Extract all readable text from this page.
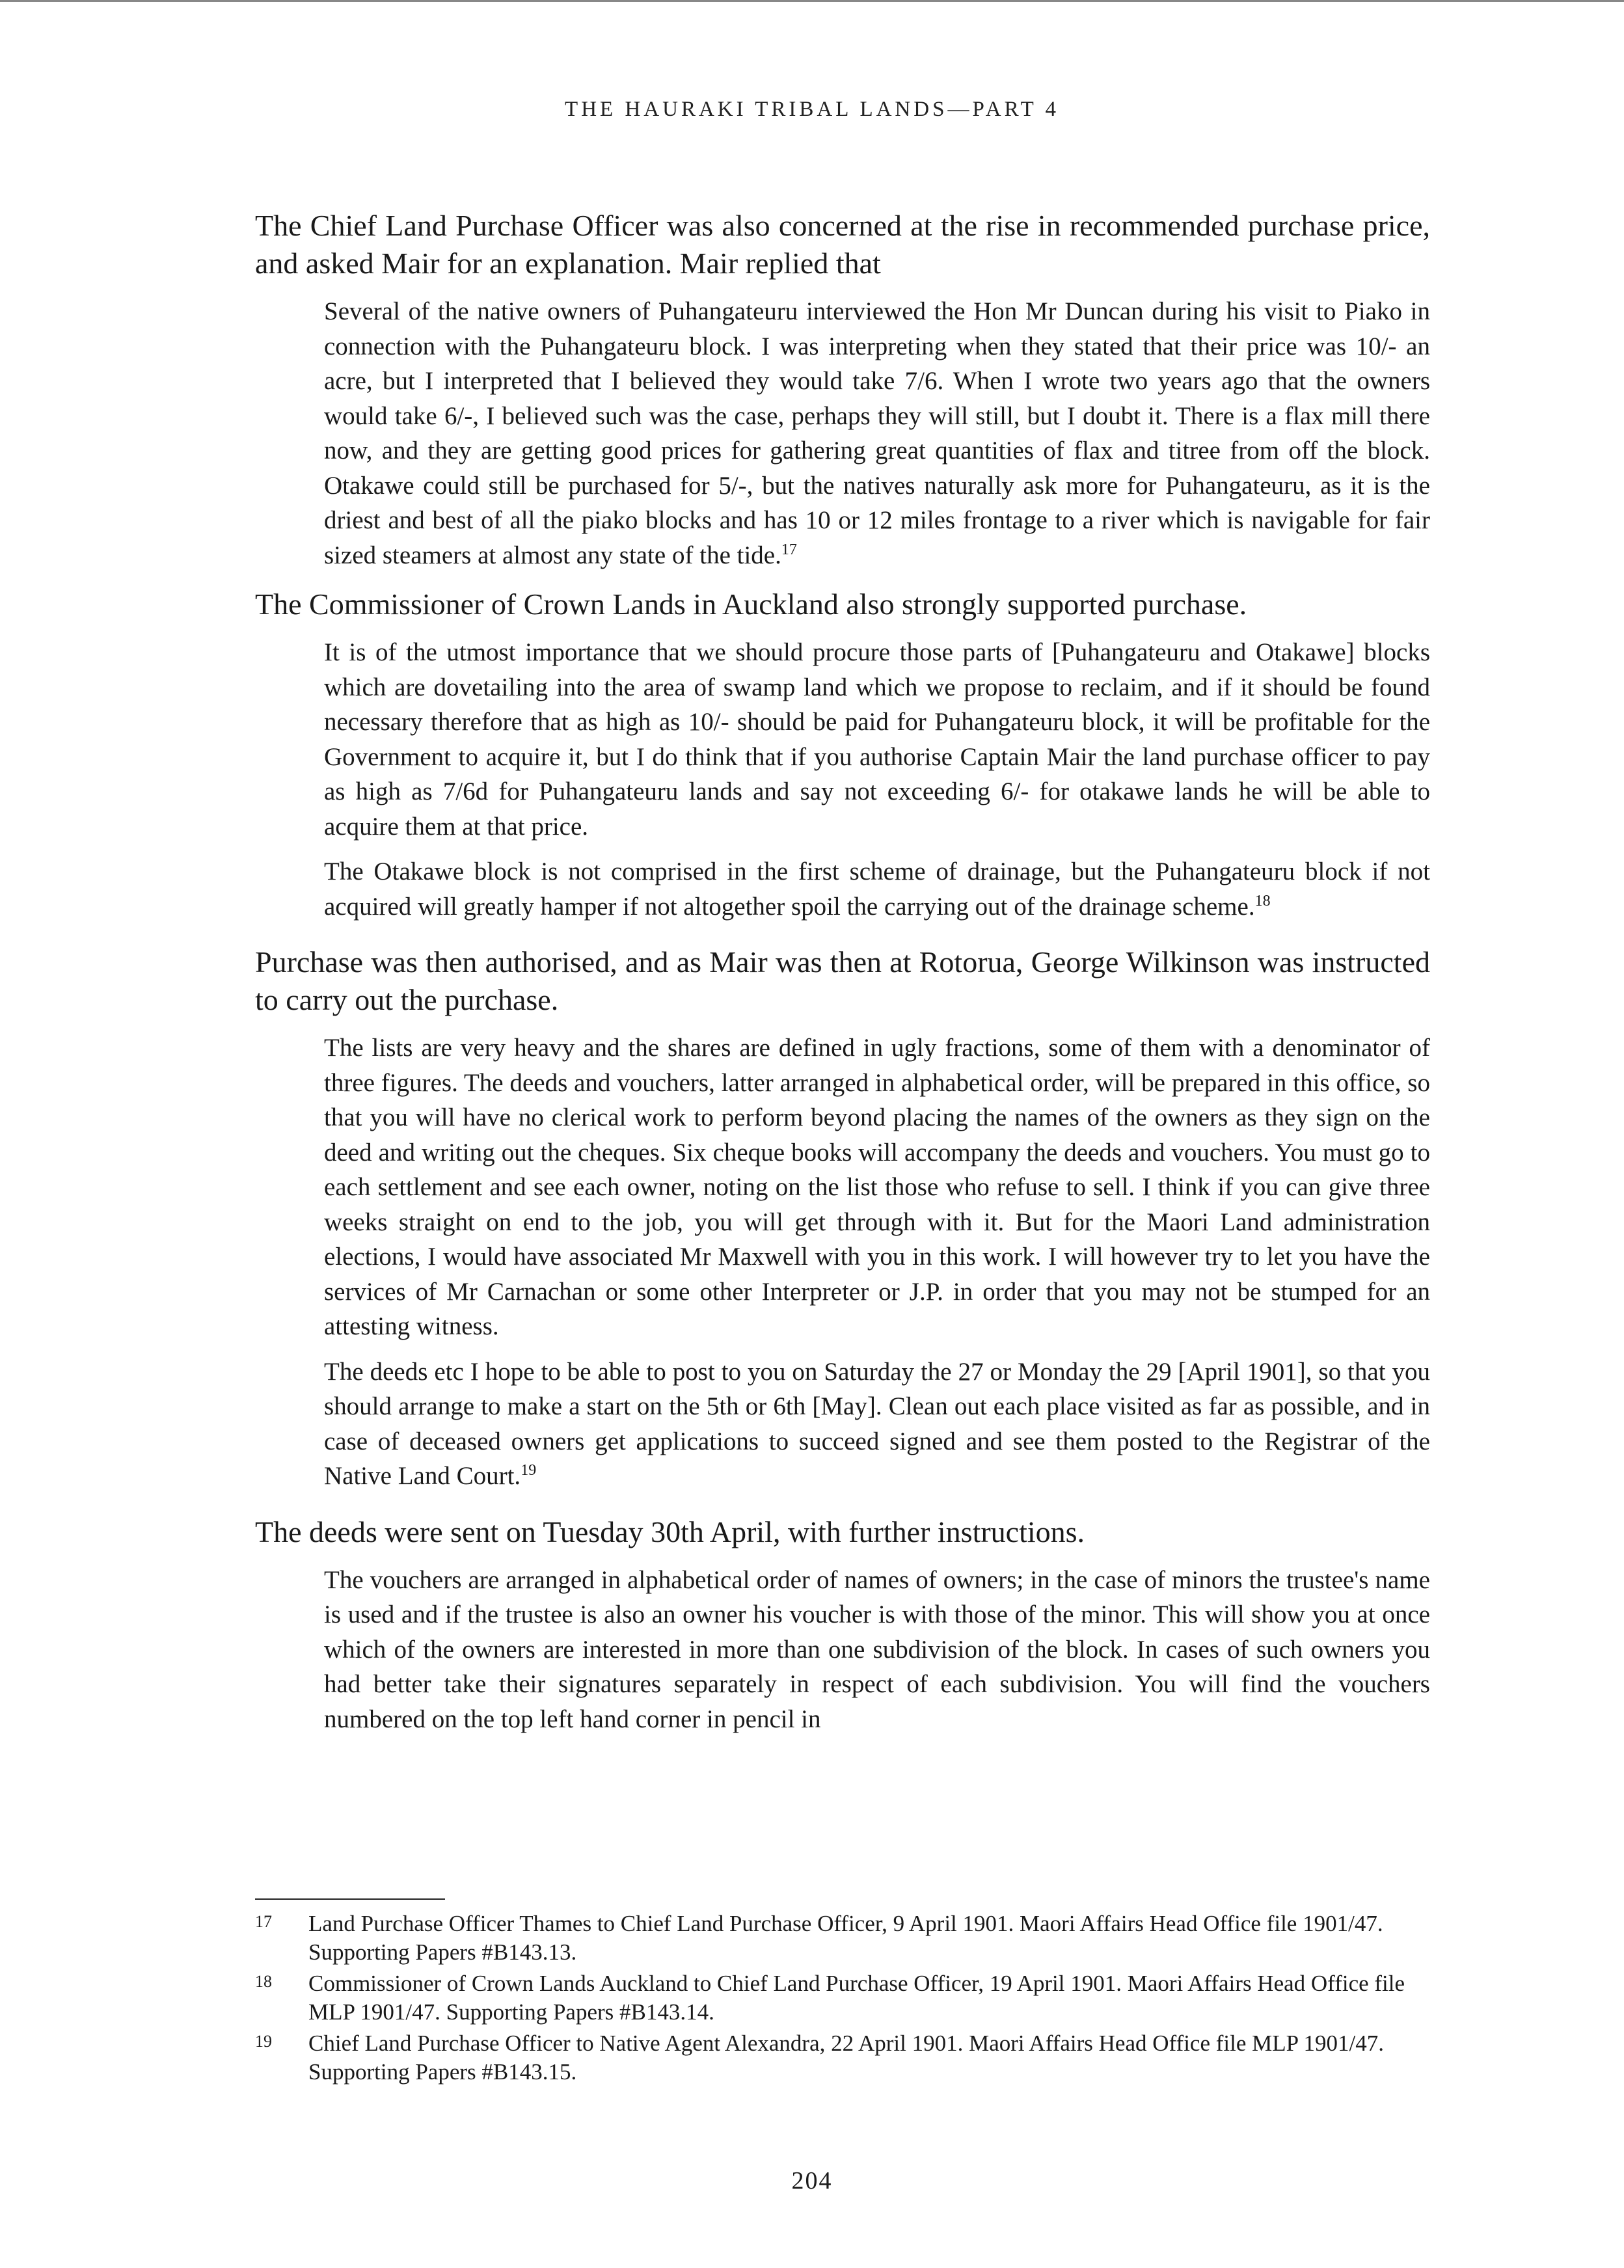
THE HAURAKI TRIBAL LANDS—PART 4

The Chief Land Purchase Officer was also concerned at the rise in recommended purchase price, and asked Mair for an explanation. Mair replied that

Several of the native owners of Puhangateuru interviewed the Hon Mr Duncan during his visit to Piako in connection with the Puhangateuru block. I was interpreting when they stated that their price was 10/- an acre, but I interpreted that I believed they would take 7/6. When I wrote two years ago that the owners would take 6/-, I believed such was the case, perhaps they will still, but I doubt it. There is a flax mill there now, and they are getting good prices for gathering great quantities of flax and titree from off the block. Otakawe could still be purchased for 5/-, but the natives naturally ask more for Puhangateuru, as it is the driest and best of all the piako blocks and has 10 or 12 miles frontage to a river which is navigable for fair sized steamers at almost any state of the tide.$^{17}$

The Commissioner of Crown Lands in Auckland also strongly supported purchase.

It is of the utmost importance that we should procure those parts of [Puhangateuru and Otakawe] blocks which are dovetailing into the area of swamp land which we propose to reclaim, and if it should be found necessary therefore that as high as 10/- should be paid for Puhangateuru block, it will be profitable for the Government to acquire it, but I do think that if you authorise Captain Mair the land purchase officer to pay as high as 7/6d for Puhangateuru lands and say not exceeding 6/- for otakawe lands he will be able to acquire them at that price.

The Otakawe block is not comprised in the first scheme of drainage, but the Puhangateuru block if not acquired will greatly hamper if not altogether spoil the carrying out of the drainage scheme.$^{18}$

Purchase was then authorised, and as Mair was then at Rotorua, George Wilkinson was instructed to carry out the purchase.

The lists are very heavy and the shares are defined in ugly fractions, some of them with a denominator of three figures. The deeds and vouchers, latter arranged in alphabetical order, will be prepared in this office, so that you will have no clerical work to perform beyond placing the names of the owners as they sign on the deed and writing out the cheques. Six cheque books will accompany the deeds and vouchers. You must go to each settlement and see each owner, noting on the list those who refuse to sell. I think if you can give three weeks straight on end to the job, you will get through with it. But for the Maori Land administration elections, I would have associated Mr Maxwell with you in this work. I will however try to let you have the services of Mr Carnachan or some other Interpreter or J.P. in order that you may not be stumped for an attesting witness.

The deeds etc I hope to be able to post to you on Saturday the 27 or Monday the 29 [April 1901], so that you should arrange to make a start on the 5th or 6th [May]. Clean out each place visited as far as possible, and in case of deceased owners get applications to succeed signed and see them posted to the Registrar of the Native Land Court.$^{19}$

The deeds were sent on Tuesday 30th April, with further instructions.

The vouchers are arranged in alphabetical order of names of owners; in the case of minors the trustee's name is used and if the trustee is also an owner his voucher is with those of the minor. This will show you at once which of the owners are interested in more than one subdivision of the block. In cases of such owners you had better take their signatures separately in respect of each subdivision. You will find the vouchers numbered on the top left hand corner in pencil in

17	Land Purchase Officer Thames to Chief Land Purchase Officer, 9 April 1901. Maori Affairs Head Office file 1901/47. Supporting Papers #B143.13.
18	Commissioner of Crown Lands Auckland to Chief Land Purchase Officer, 19 April 1901. Maori Affairs Head Office file MLP 1901/47. Supporting Papers #B143.14.
19	Chief Land Purchase Officer to Native Agent Alexandra, 22 April 1901. Maori Affairs Head Office file MLP 1901/47. Supporting Papers #B143.15.
204
